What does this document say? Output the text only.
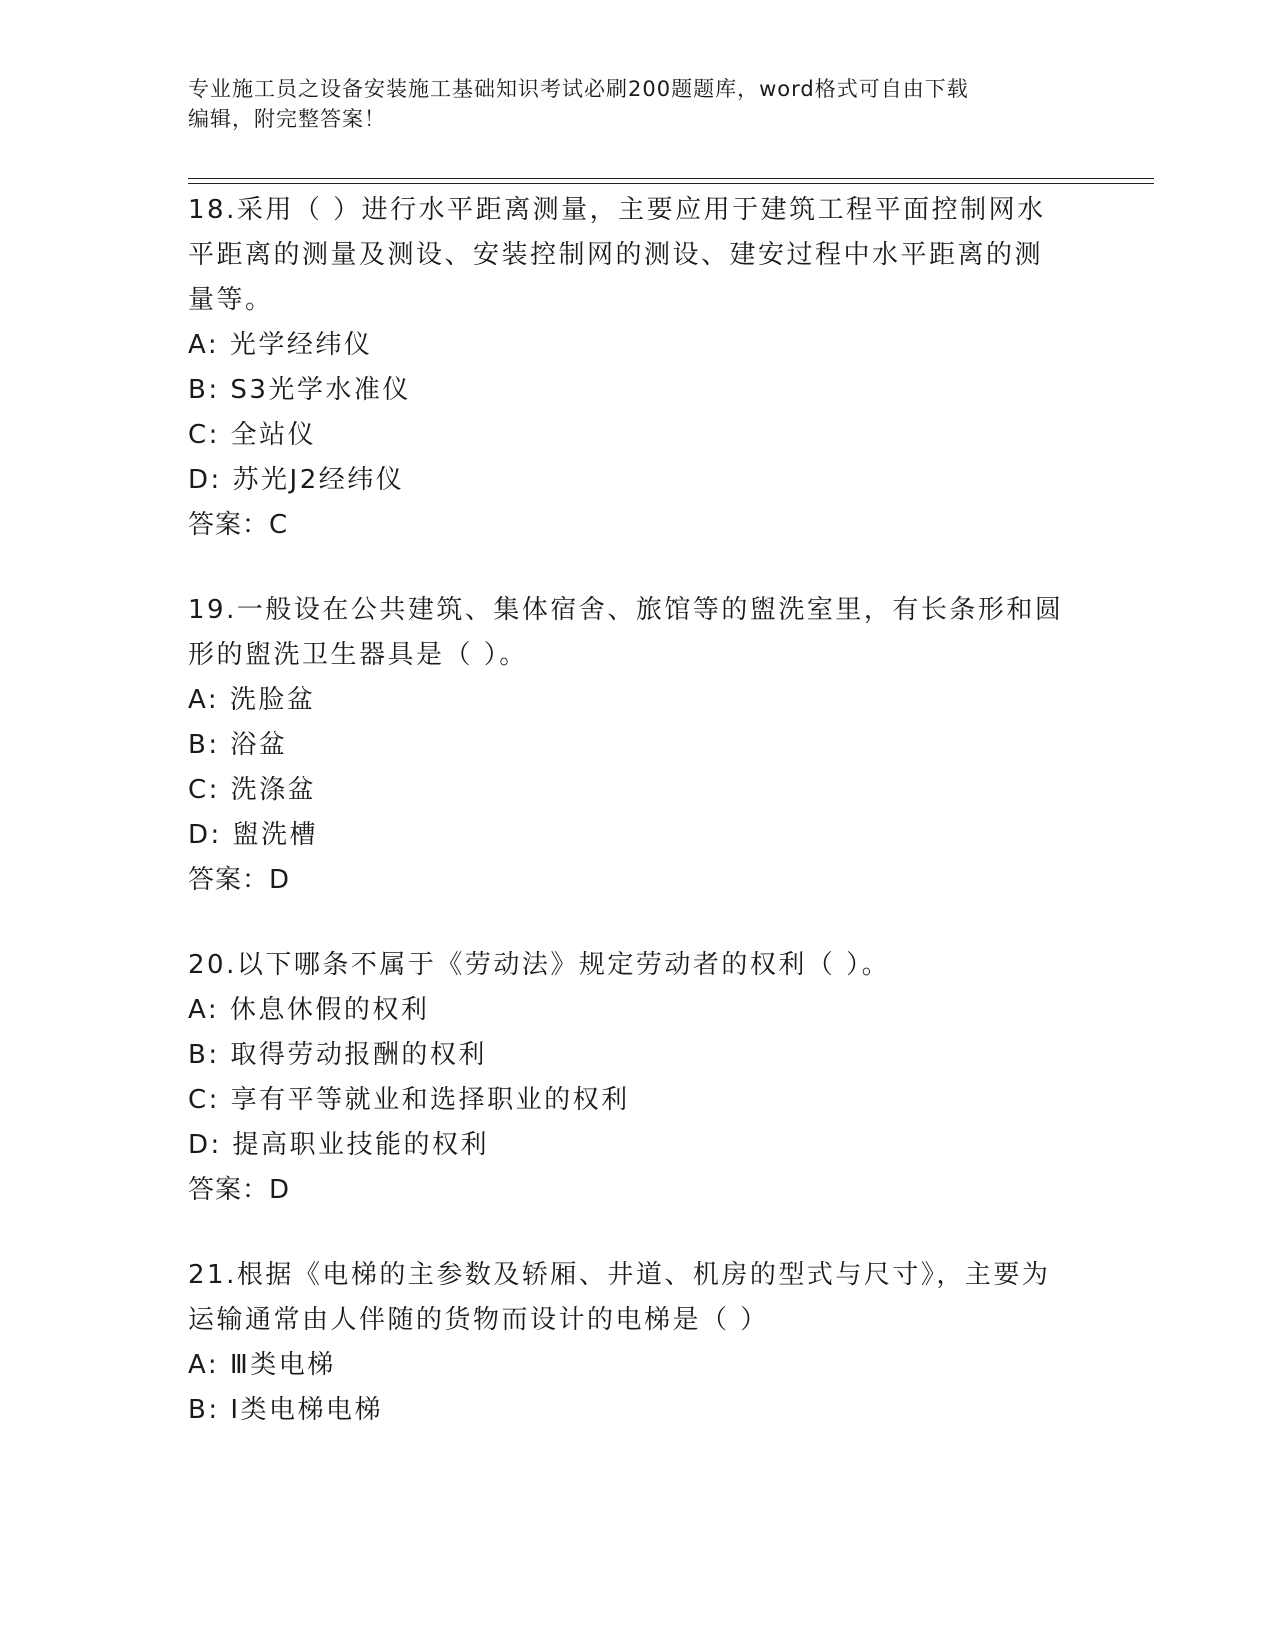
专业施工员之设备安装施工基础知识考试必刷200题题库，word格式可自由下载
编辑，附完整答案！

18.采用（ ）进行水平距离测量，主要应用于建筑工程平面控制网水

平距离的测量及测设、安装控制网的测设、建安过程中水平距离的测

量等。

A: 光学经纬仪

B: S3光学水准仪

C: 全站仪

D: 苏光J2经纬仪

答案：C

19.一般设在公共建筑、集体宿舍、旅馆等的盥洗室里，有长条形和圆

形的盥洗卫生器具是（ ）。

A: 洗脸盆

B: 浴盆

C: 洗涤盆

D: 盥洗槽

答案：D

20.以下哪条不属于《劳动法》规定劳动者的权利（ ）。

A: 休息休假的权利

B: 取得劳动报酬的权利

C: 享有平等就业和选择职业的权利

D: 提高职业技能的权利

答案：D

21.根据《电梯的主参数及轿厢、井道、机房的型式与尺寸》，主要为

运输通常由人伴随的货物而设计的电梯是（ ）

A: Ⅲ类电梯

B: Ⅰ类电梯电梯
